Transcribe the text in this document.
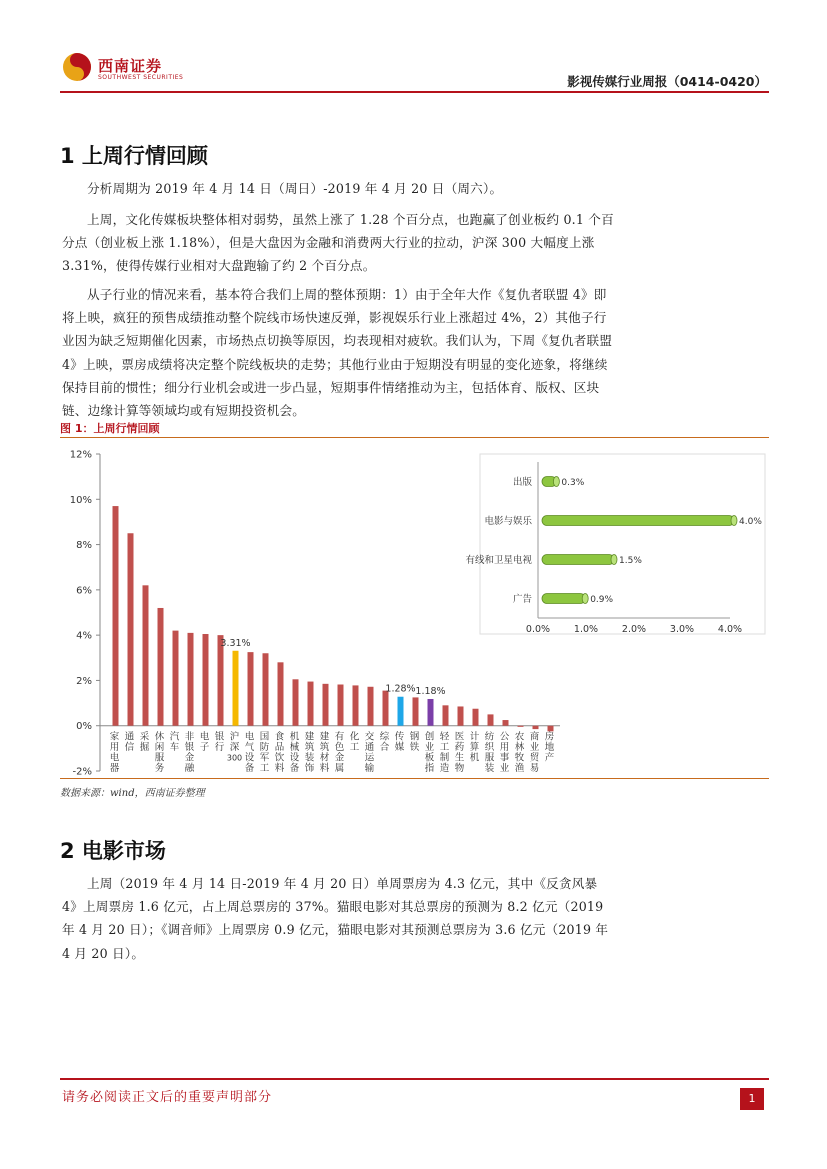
西南证券
SOUTHWEST SECURITIES	影视传媒行业周报（0414-0420）
1 上周行情回顾
分析周期为 2019 年 4 月 14 日（周日）-2019 年 4 月 20 日（周六）。
上周，文化传媒板块整体相对弱势，虽然上涨了 1.28 个百分点，也跑赢了创业板约 0.1 个百分点（创业板上涨 1.18%），但是大盘因为金融和消费两大行业的拉动，沪深 300 大幅度上涨 3.31%，使得传媒行业相对大盘跑输了约 2 个百分点。
从子行业的情况来看，基本符合我们上周的整体预期：1）由于全年大作《复仇者联盟 4》即将上映，疯狂的预售成绩推动整个院线市场快速反弹，影视娱乐行业上涨超过 4%，2）其他子行业因为缺乏短期催化因素，市场热点切换等原因，均表现相对疲软。我们认为，下周《复仇者联盟 4》上映，票房成绩将决定整个院线板块的走势；其他行业由于短期没有明显的变化迹象，将继续保持目前的惯性；细分行业机会或进一步凸显，短期事件情绪推动为主，包括体育、版权、区块链、边缘计算等领域均或有短期投资机会。
图 1：上周行情回顾
-2%
0%
2%
4%
6%
8%
10%
12%
家用电器
通信
采掘
休闲服务
汽车
非银金融
电子
银行
沪深 300
3.31%
电气设备
国防军工
食品饮料
机械设备
建筑装饰
建筑材料
有色金属
化工
交通运输
综合
传媒
1.28%
钢铁
创业板指
1.18%
轻工制造
医药生物
计算机
纺织服装
公用事业
农林牧渔
商业贸易
房地产
0.0%	1.0%	2.0%	3.0%	4.0%
出版	0.3%
电影与娱乐	4.0%
有线和卫星电视	1.5%
广告	0.9%
数据来源：wind，西南证券整理
2 电影市场
上周（2019 年 4 月 14 日-2019 年 4 月 20 日）单周票房为 4.3 亿元，其中《反贪风暴 4》上周票房 1.6 亿元，占上周总票房的 37%。猫眼电影对其总票房的预测为 8.2 亿元（2019 年 4 月 20 日）；《调音师》上周票房 0.9 亿元，猫眼电影对其预测总票房为 3.6 亿元（2019 年 4 月 20 日）。
请务必阅读正文后的重要声明部分	1
